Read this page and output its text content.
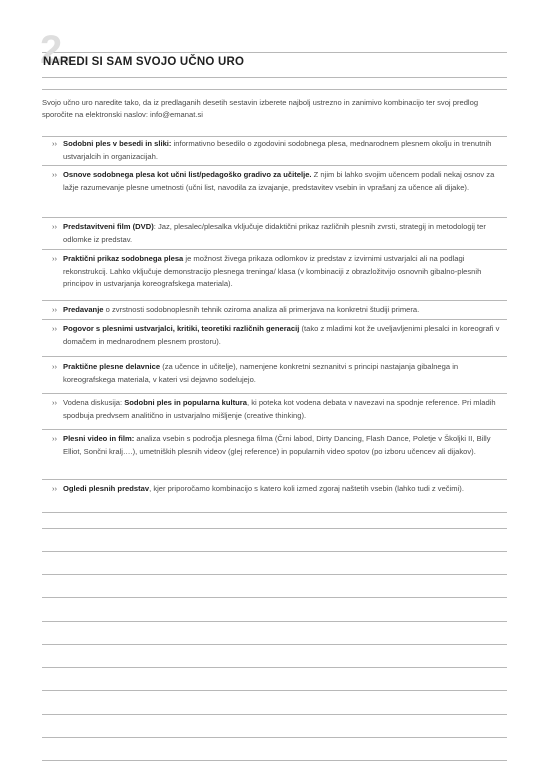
2.
NAREDI SI SAM SVOJO UČNO URO
Svojo učno uro naredite tako, da iz predlaganih desetih sestavin izberete najbolj ustrezno in zanimivo kombinacijo ter svoj predlog sporočite na elektronski naslov: info@emanat.si
›› Sodobni ples v besedi in sliki: informativno besedilo o zgodovini sodobnega plesa, mednarodnem plesnem okolju in trenutnih ustvarjalcih in organizacijah.
›› Osnove sodobnega plesa kot učni list/pedagoško gradivo za učitelje. Z njim bi lahko svojim učencem podali nekaj osnov za lažje razumevanje plesne umetnosti (učni list, navodila za izvajanje, predstavitev vsebin in vprašanj za učence ali dijake).
›› Predstavitveni film (DVD): Jaz, plesalec/plesalka vključuje didaktični prikaz različnih plesnih zvrsti, strategij in metodologij ter odlomke iz predstav.
›› Praktični prikaz sodobnega plesa je možnost živega prikaza odlomkov iz predstav z izvirnimi ustvarjalci ali na podlagi rekonstrukcij. Lahko vključuje demonstracijo plesnega treninga/ klasa (v kombinaciji z obrazložitvijo osnovnih gibalno-plesnih principov in ustvarjanja koreografskega materiala).
›› Predavanje o zvrstnosti sodobnoplesnih tehnik oziroma analiza ali primerjava na konkretni študiji primera.
›› Pogovor s plesnimi ustvarjalci, kritiki, teoretiki različnih generacij (tako z mladimi kot že uveljavljenimi plesalci in koreografi v domačem in mednarodnem plesnem prostoru).
›› Praktične plesne delavnice (za učence in učitelje), namenjene konkretni seznanitvi s principi nastajanja gibalnega in koreografskega materiala, v kateri vsi dejavno sodelujejo.
›› Vodena diskusija: Sodobni ples in popularna kultura, ki poteka kot vodena debata v navezavi na spodnje reference. Pri mladih spodbuja predvsem analitično in ustvarjalno mišljenje (creative thinking).
›› Plesni video in film: analiza vsebin s področja plesnega filma (Črni labod, Dirty Dancing, Flash Dance, Poletje v Školjki II, Billy Elliot, Sončni kralj….), umetniških plesnih videov (glej reference) in popularnih video spotov (po izboru učencev ali dijakov).
›› Ogledi plesnih predstav, kjer priporočamo kombinacijo s katero koli izmed zgoraj naštetih vsebin (lahko tudi z večimi).
